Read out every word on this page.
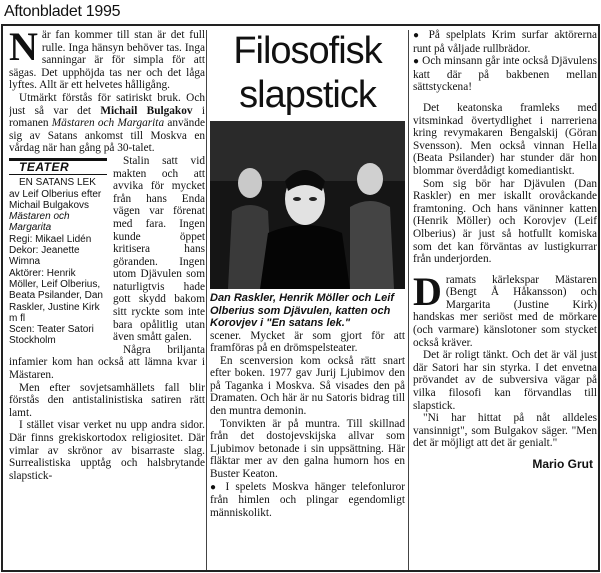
Aftonbladet 1995

När fan kommer till stan är det full rulle. Inga hänsyn behöver tas. Inga sanningar är för simpla för att sägas. Det upphöjda tas ner och det låga lyftes. Allt är ett helvetes hålligång.

Utmärkt förstås för satiriskt bruk. Och just så var det Michail Bulgakov i romanen Mästaren och Margarita använde sig av Satans ankomst till Moskva en vårdag när han gång på 30-talet.

TEATER
EN SATANS LEK
av Leif Olberius efter Michail Bulgakovs Mästaren och Margarita
Regi: Mikael Lidén
Dekor: Jeanette Wimna
Aktörer: Henrik Möller, Leif Olberius, Beata Psilander, Dan Raskler, Justine Kirk m fl
Scen: Teater Satori Stockholm
Stalin satt vid makten och att avvika för mycket från hans Enda vägen var förenat med fara. Ingen kunde öppet kritisera hans göranden. Ingen utom Djävulen som naturligtvis hade gott skydd bakom sitt ryckte som inte bara opålitlig utan även smått galen.

Några briljanta infamier kom han också att lämna kvar i Mästaren.

Men efter sovjetsamhällets fall blir förstås den antistalinistiska satiren rätt lamt.

I stället visar verket nu upp andra sidor. Där finns grekiskortodox religiositet. Där vimlar av skrönor av bisarraste slag. Surrealistiska upptåg och halsbrytande slapstick-

Filosofisk slapstick

Dan Raskler, Henrik Möller och Leif Olberius som Djävulen, katten och Korovjev i "En satans lek."

scener. Mycket är som gjort för att framföras på en drömspelsteater.

En scenversion kom också rätt snart efter boken. 1977 gav Jurij Ljubimov den på Taganka i Moskva. Så visades den på Dramaten. Och här är nu Satoris bidrag till den muntra demonin.

Tonvikten är på muntra. Till skillnad från det dostojevskijska allvar som Ljubimov betonade i sin uppsättning. Här fläktar mer av den galna humorn hos en Buster Keaton.

● I spelets Moskva hänger telefonluror från himlen och plingar egendomligt människolikt.

● På spelplats Krim surfar aktörerna runt på våljade rullbrädor.

● Och minsann går inte också Djävulens katt där på bakbenen mellan sättstyckena!

Det keatonska framleks med vitsminkad övertydlighet i narreriena kring revymakaren Bengalskij (Göran Svensson). Men också vinnan Hella (Beata Psilander) har stunder där hon blommar överdådigt komediantiskt.

Som sig bör har Djävulen (Dan Raskler) en mer iskallt orovåckande framtoning. Och hans väninner katten (Henrik Möller) och Korovjev (Leif Olberius) är just så hotfullt komiska som det kan förväntas av lustigkurrar från underjorden.

Dramats kärlekspar Mästaren (Bengt Å Håkansson) och Margarita (Justine Kirk) handskas mer seriöst med de mörkare (och varmare) känslotoner som stycket också kräver.

Det är roligt tänkt. Och det är väl just där Satori har sin styrka. I det envetna prövandet av de subversiva vägar på vilka filosofi kan förvandlas till slapstick.

"Ni har hittat på nåt alldeles vansinnigt", som Bulgakov säger. "Men det är möjligt att det är genialt."

Mario Grut
